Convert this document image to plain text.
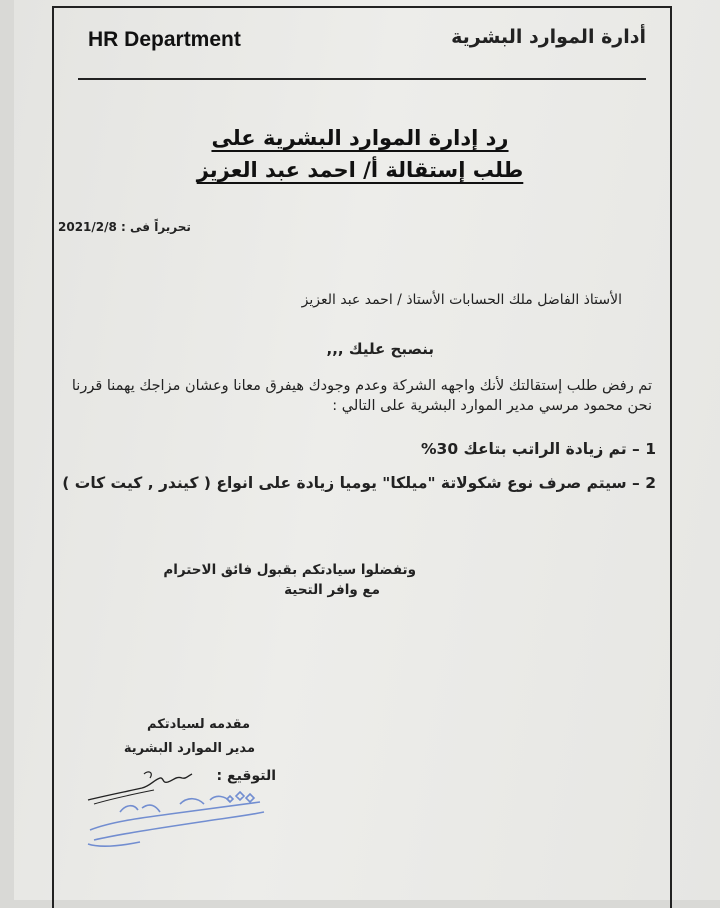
HR Department	أدارة الموارد البشرية
رد إدارة الموارد البشرية على
طلب إستقالة أ/ احمد عبد العزيز
تحريراً فى : 2021/2/8
الأستاذ الفاضل ملك الحسابات الأستاذ / احمد عبد العزيز
بنصبح عليك ,,,
تم رفض طلب إستقالتك لأنك واجهه الشركة وعدم وجودك هيفرق معانا وعشان مزاجك يهمنا قررنا
نحن محمود مرسي مدير الموارد البشرية على التالي :
1 – تم زيادة الراتب بتاعك 30%
2 – سيتم صرف نوع شكولاتة "ميلكا" يوميا زيادة على انواع ( كيندر , كيت كات )
وتفضلوا سيادتكم بقبول فائق الاحترام
مع وافر التحية
مقدمه لسيادتكم
مدير الموارد البشرية
التوقيع :
